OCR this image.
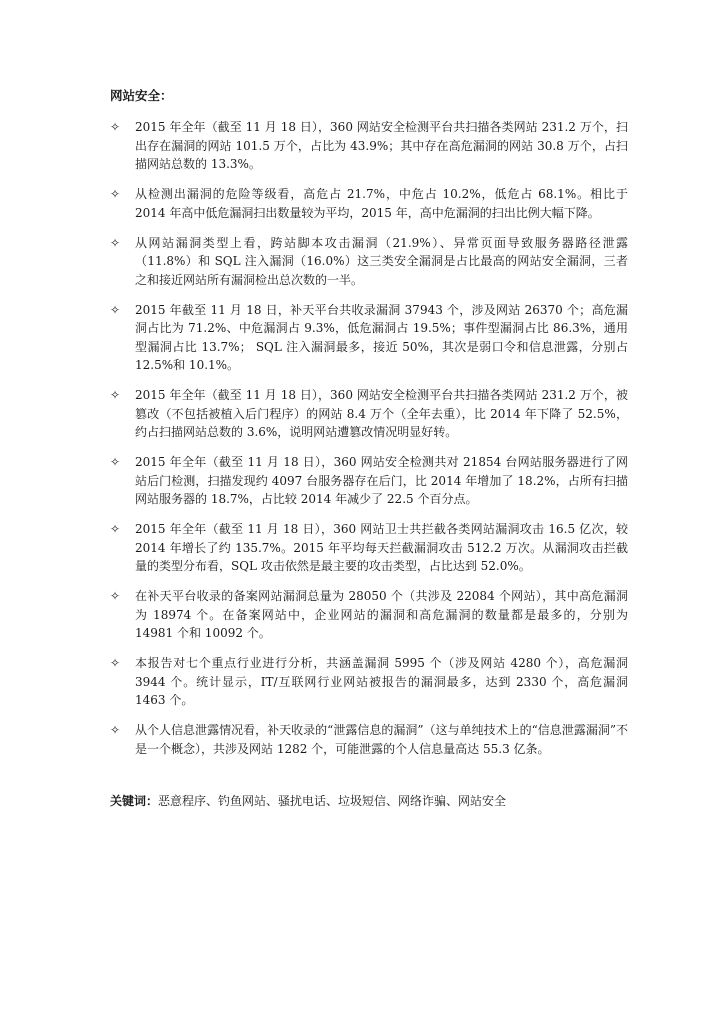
网站安全：
✧	2015 年全年（截至 11 月 18 日），360 网站安全检测平台共扫描各类网站 231.2 万个，扫出存在漏洞的网站 101.5 万个，占比为 43.9%；其中存在高危漏洞的网站 30.8 万个，占扫描网站总数的 13.3%。
✧	从检测出漏洞的危险等级看，高危占 21.7%，中危占 10.2%，低危占 68.1%。相比于 2014 年高中低危漏洞扫出数量较为平均，2015 年，高中危漏洞的扫出比例大幅下降。
✧	从网站漏洞类型上看，跨站脚本攻击漏洞（21.9%）、异常页面导致服务器路径泄露（11.8%）和 SQL 注入漏洞（16.0%）这三类安全漏洞是占比最高的网站安全漏洞，三者之和接近网站所有漏洞检出总次数的一半。
✧	2015 年截至 11 月 18 日，补天平台共收录漏洞 37943 个，涉及网站 26370 个；高危漏洞占比为 71.2%、中危漏洞占 9.3%，低危漏洞占 19.5%；事件型漏洞占比 86.3%，通用型漏洞占比 13.7%； SQL 注入漏洞最多，接近 50%，其次是弱口令和信息泄露，分别占 12.5%和 10.1%。
✧	2015 年全年（截至 11 月 18 日），360 网站安全检测平台共扫描各类网站 231.2 万个，被篡改（不包括被植入后门程序）的网站 8.4 万个（全年去重），比 2014 年下降了 52.5%，约占扫描网站总数的 3.6%，说明网站遭篡改情况明显好转。
✧	2015 年全年（截至 11 月 18 日），360 网站安全检测共对 21854 台网站服务器进行了网站后门检测，扫描发现约 4097 台服务器存在后门，比 2014 年增加了 18.2%，占所有扫描网站服务器的 18.7%，占比较 2014 年减少了 22.5 个百分点。
✧	2015 年全年（截至 11 月 18 日），360 网站卫士共拦截各类网站漏洞攻击 16.5 亿次，较 2014 年增长了约 135.7%。2015 年平均每天拦截漏洞攻击 512.2 万次。从漏洞攻击拦截量的类型分布看，SQL 攻击依然是最主要的攻击类型，占比达到 52.0%。
✧	在补天平台收录的备案网站漏洞总量为 28050 个（共涉及 22084 个网站），其中高危漏洞为 18974 个。在备案网站中，企业网站的漏洞和高危漏洞的数量都是最多的，分别为 14981 个和 10092 个。
✧	本报告对七个重点行业进行分析，共涵盖漏洞 5995 个（涉及网站 4280 个），高危漏洞 3944 个。统计显示，IT/互联网行业网站被报告的漏洞最多，达到 2330 个，高危漏洞 1463 个。
✧	从个人信息泄露情况看，补天收录的“泄露信息的漏洞”（这与单纯技术上的“信息泄露漏洞”不是一个概念），共涉及网站 1282 个，可能泄露的个人信息量高达 55.3 亿条。

关键词：恶意程序、钓鱼网站、骚扰电话、垃圾短信、网络诈骗、网站安全
